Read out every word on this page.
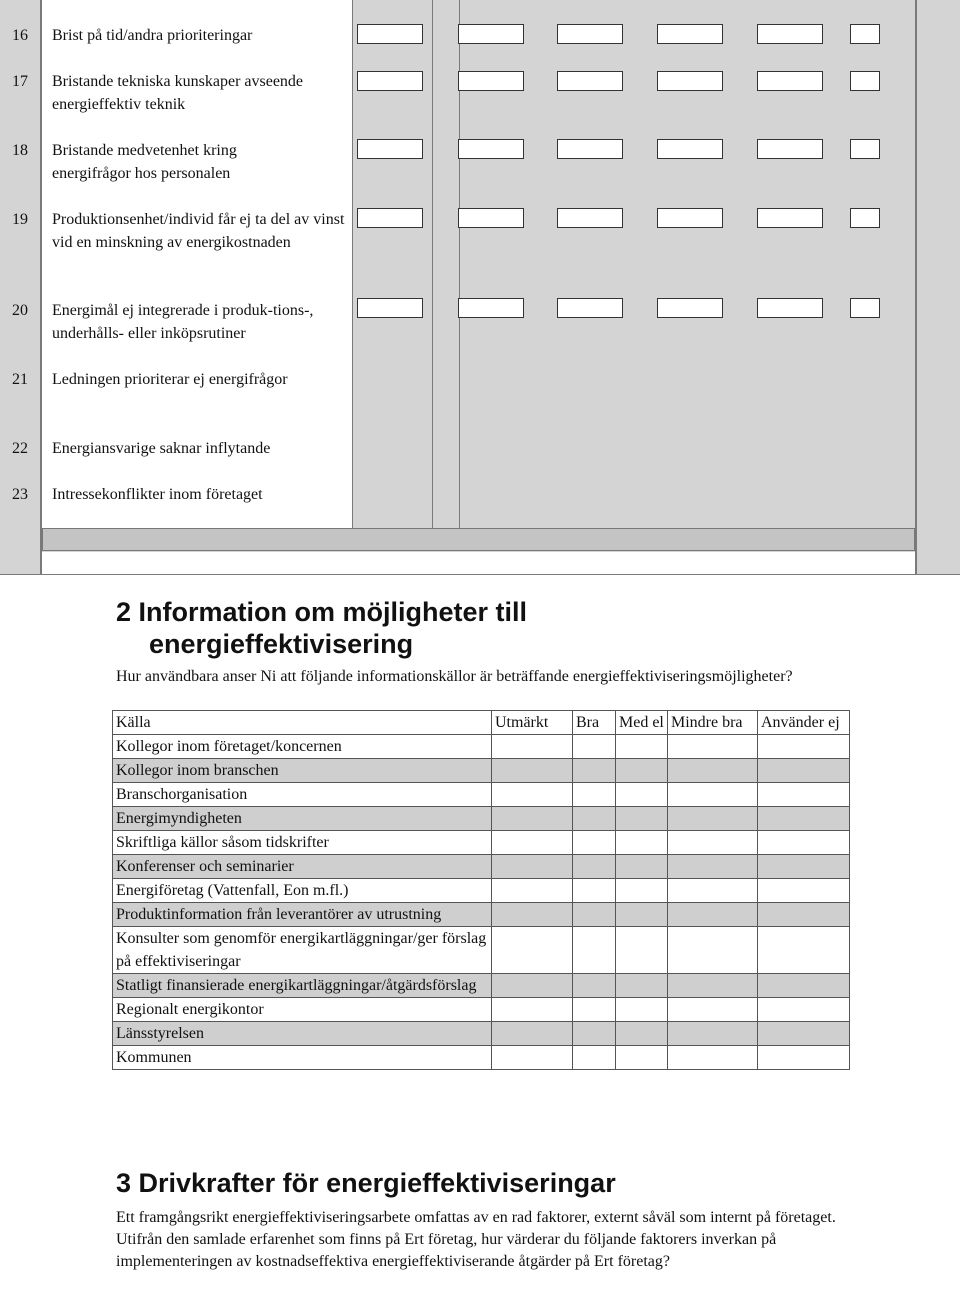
16	Brist på tid/andra prioriteringar
17	Bristande tekniska kunskaper avseende energieffektiv teknik
18	Bristande medvetenhet kring energifrågor hos personalen
19	Produktionsenhet/individ får ej ta del av vinst vid en minskning av energikostnaden
20	Energimål ej integrerade i produk-tions-, underhålls- eller inköpsrutiner
21	Ledningen prioriterar ej energifrågor
22	Energiansvarige saknar inflytande
23	Intressekonflikter inom företaget
2 Information om möjligheter till
energieffektivisering

Hur användbara anser Ni att följande informationskällor är beträffande energieffektiviseringsmöjligheter?

Källa	Utmärkt	Bra	Med el	Mindre bra	Använder ej
Kollegor inom företaget/koncernen					
Kollegor inom branschen					
Branschorganisation					
Energimyndigheten					
Skriftliga källor såsom tidskrifter					
Konferenser och seminarier					
Energiföretag (Vattenfall, Eon m.fl.)					
Produktinformation från leverantörer av utrustning					
Konsulter som genomför energikartläggningar/ger förslag på effektiviseringar					
Statligt finansierade energikartläggningar/åtgärdsförslag					
Regionalt energikontor					
Länsstyrelsen					
Kommunen					
3 Drivkrafter för energieffektiviseringar

Ett framgångsrikt energieffektiviseringsarbete omfattas av en rad faktorer, externt såväl som internt på företaget. Utifrån den samlade erfarenhet som finns på Ert företag, hur värderar du följande faktorers inverkan på implementeringen av kostnadseffektiva energieffektiviserande åtgärder på Ert företag?
